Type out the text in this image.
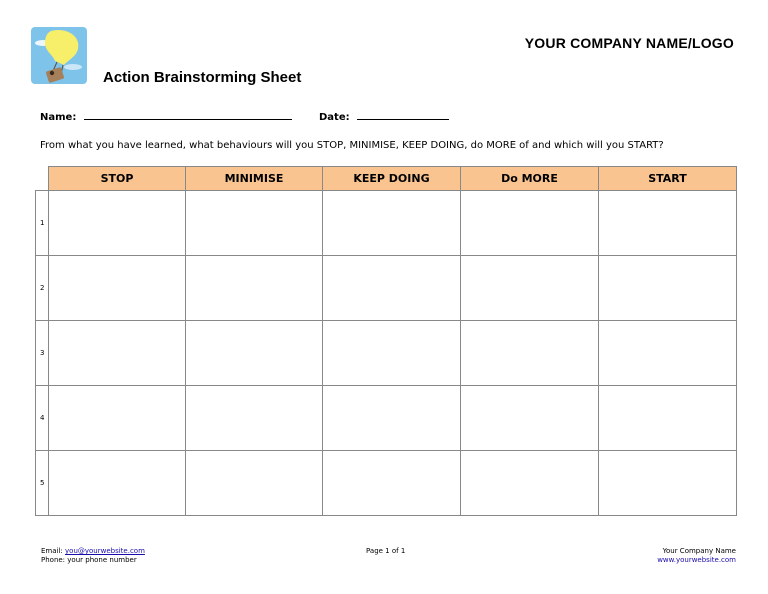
YOUR COMPANY NAME/LOGO
Action Brainstorming Sheet
Name:	Date:
From what you have learned, what behaviours will you STOP, MINIMISE, KEEP DOING, do MORE of and which will you START?
	STOP	MINIMISE	KEEP DOING	Do MORE	START
1					
2					
3					
4					
5					
Email: you@yourwebsite.com
Phone: your phone number
Page 1 of 1	Your Company Name
www.yourwebsite.com
